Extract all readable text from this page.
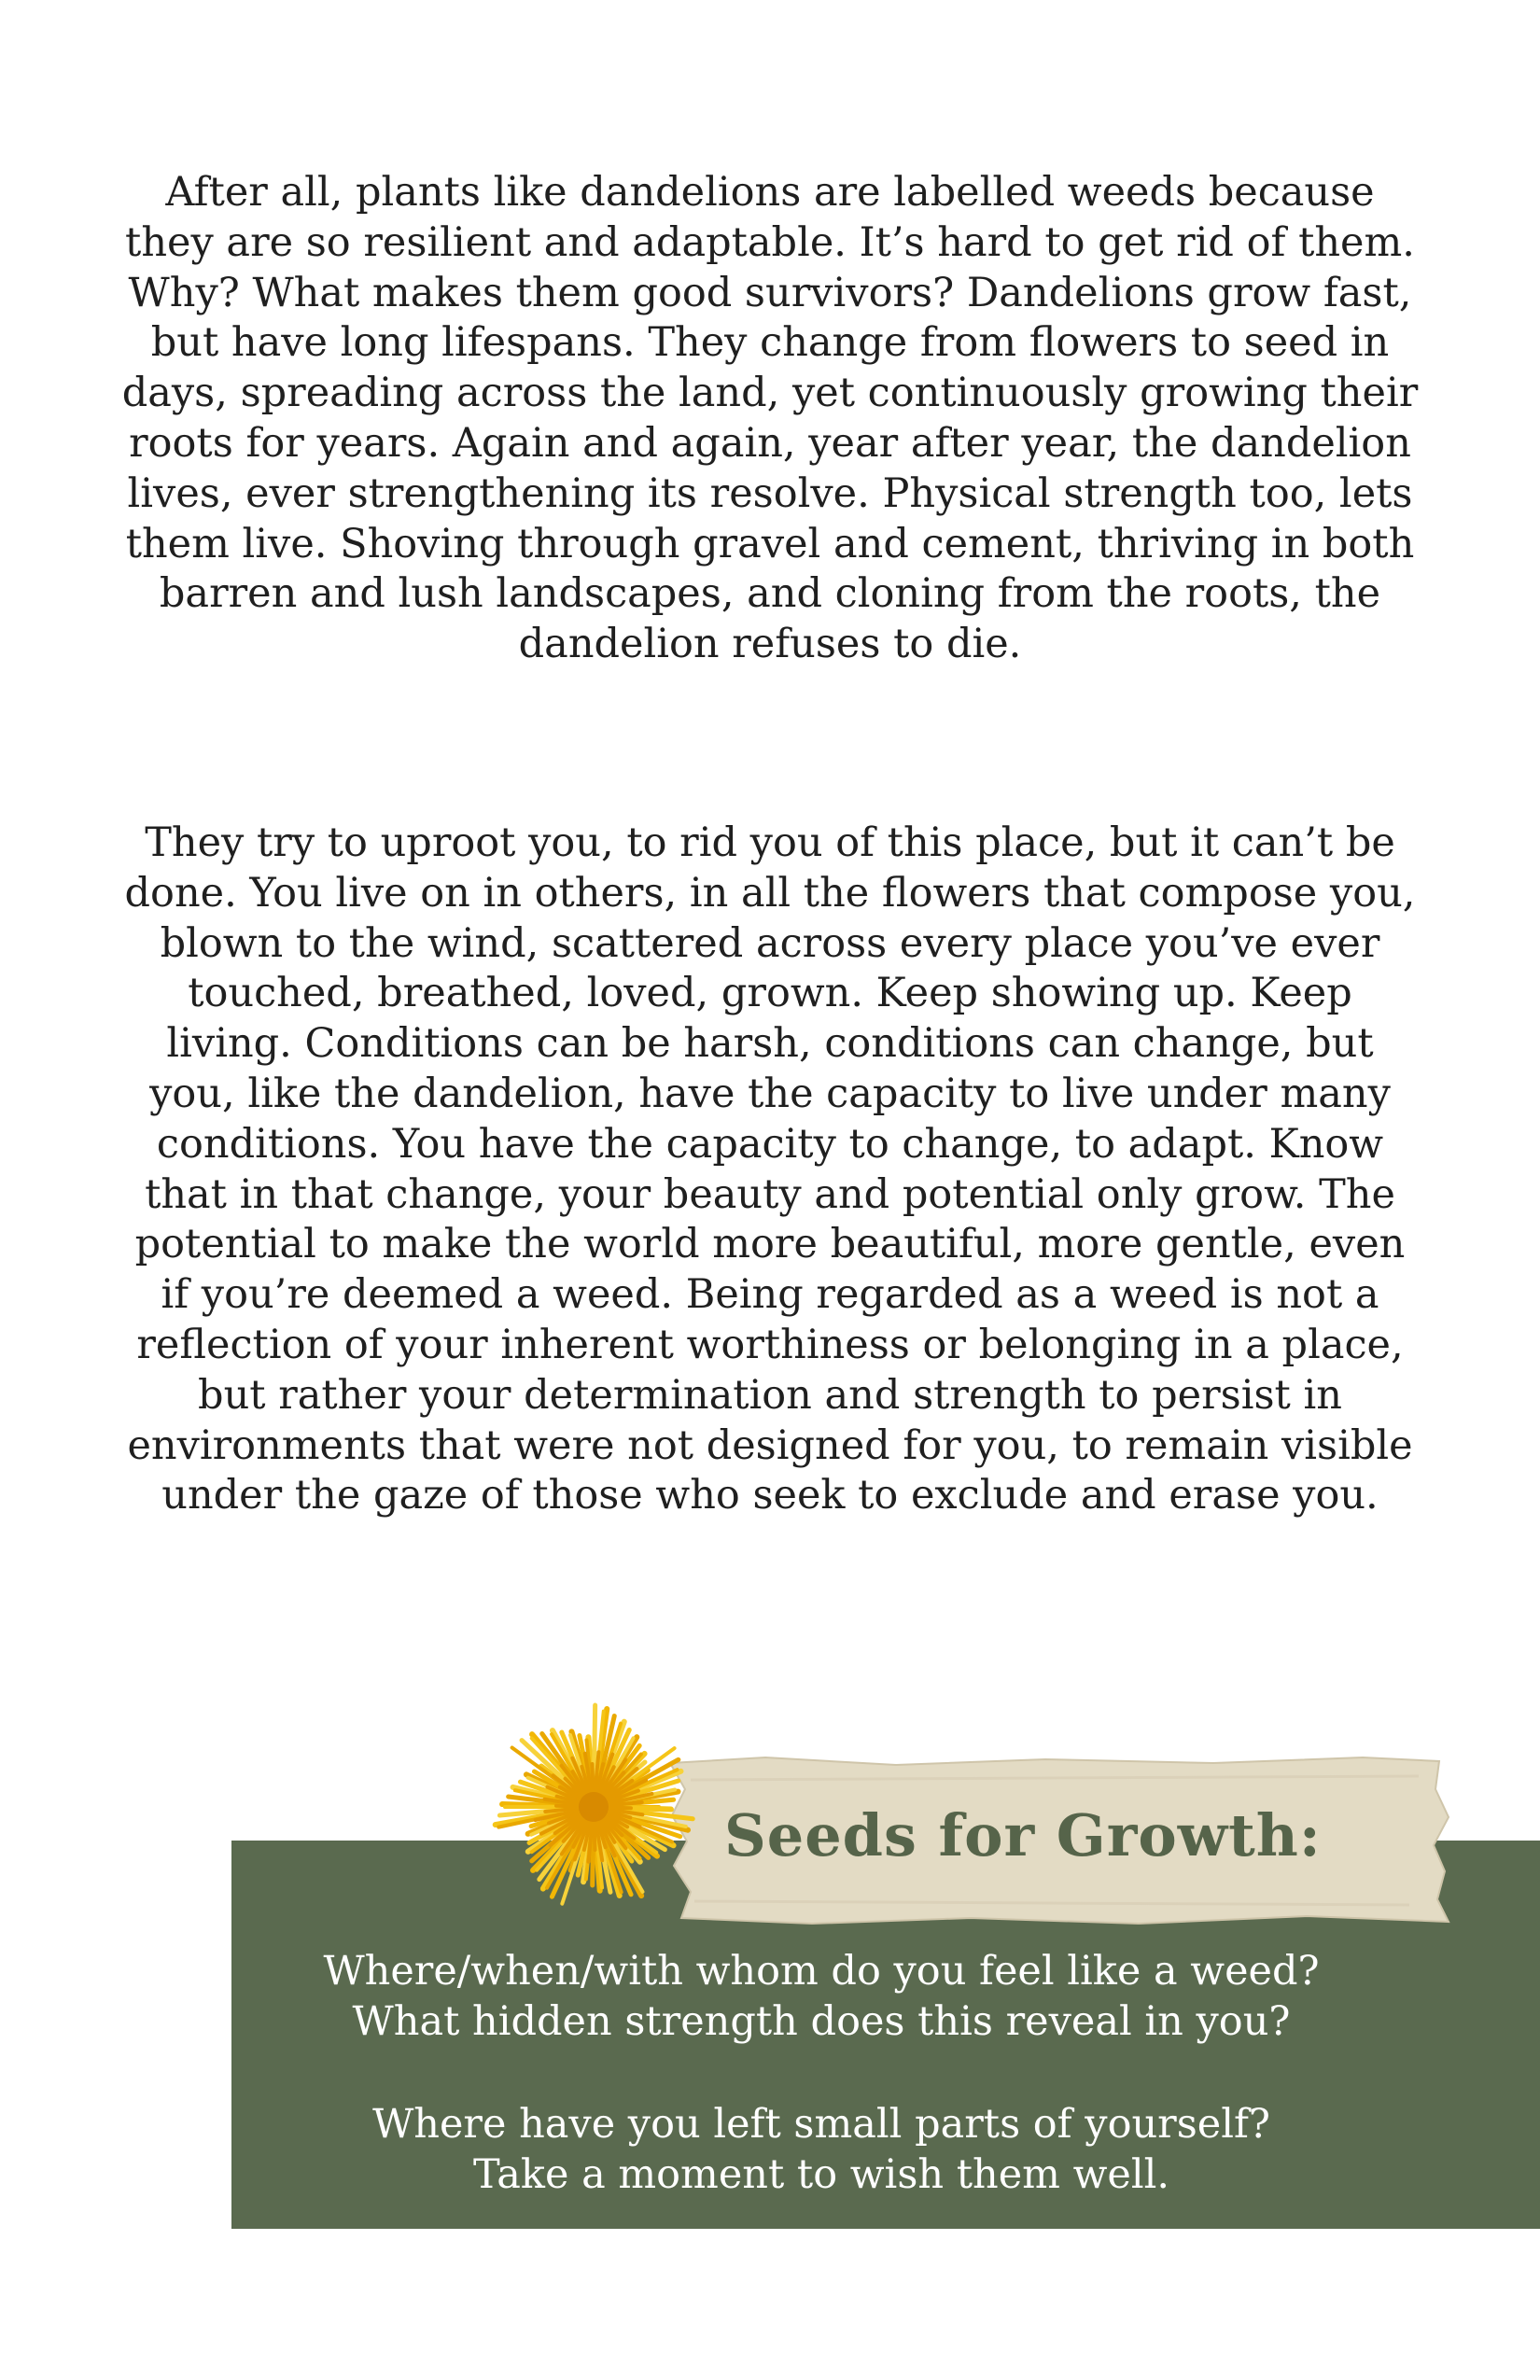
After all, plants like dandelions are labelled weeds because they are so resilient and adaptable. It’s hard to get rid of them. Why? What makes them good survivors? Dandelions grow fast, but have long lifespans. They change from flowers to seed in days, spreading across the land, yet continuously growing their roots for years. Again and again, year after year, the dandelion lives, ever strengthening its resolve. Physical strength too, lets them live. Shoving through gravel and cement, thriving in both barren and lush landscapes, and cloning from the roots, the dandelion refuses to die.

They try to uproot you, to rid you of this place, but it can’t be done. You live on in others, in all the flowers that compose you, blown to the wind, scattered across every place you’ve ever touched, breathed, loved, grown. Keep showing up. Keep living. Conditions can be harsh, conditions can change, but you, like the dandelion, have the capacity to live under many conditions. You have the capacity to change, to adapt. Know that in that change, your beauty and potential only grow. The potential to make the world more beautiful, more gentle, even if you’re deemed a weed. Being regarded as a weed is not a reflection of your inherent worthiness or belonging in a place, but rather your determination and strength to persist in environments that were not designed for you, to remain visible under the gaze of those who seek to exclude and erase you.

Seeds for Growth:
Where/when/with whom do you feel like a weed?
What hidden strength does this reveal in you?
Where have you left small parts of yourself?
Take a moment to wish them well.
